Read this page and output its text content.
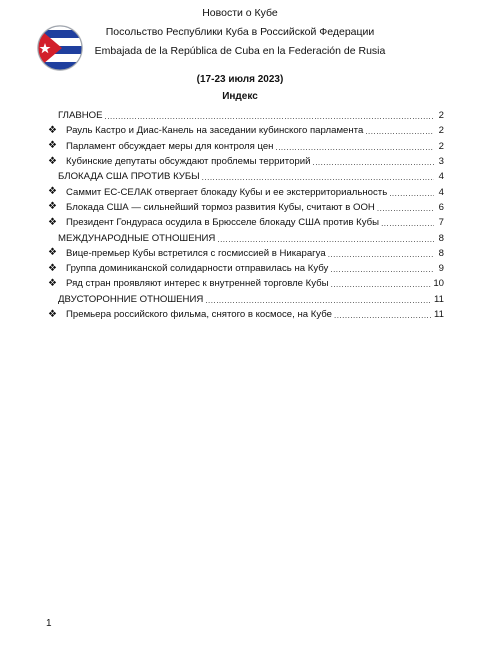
Новости о Кубе
Посольство Республики Куба в Российской Федерации
Embajada de la República de Cuba en la Federación de Rusia
(17-23 июля 2023)
Индекс
ГЛАВНОЕ .....	2
❖ Рауль Кастро и Диас-Канель на заседании кубинского парламента .....	2
❖ Парламент обсуждает меры для контроля цен .....	2
❖ Кубинские депутаты обсуждают проблемы территорий .....	3
БЛОКАДА США ПРОТИВ КУБЫ .....	4
❖ Саммит ЕС-СЕЛАК отвергает блокаду Кубы и ее экстерриториальность .....	4
❖ Блокада США — сильнейший тормоз развития Кубы, считают в ООН .....	6
❖ Президент Гондураса осудила в Брюсселе блокаду США против Кубы .....	7
МЕЖДУНАРОДНЫЕ ОТНОШЕНИЯ .....	8
❖ Вице-премьер Кубы встретился с госмиссией в Никарагуа .....	8
❖ Группа доминиканской солидарности отправилась на Кубу .....	9
❖ Ряд стран проявляют интерес к внутренней торговле Кубы .....	10
ДВУСТОРОННИЕ ОТНОШЕНИЯ .....	11
❖ Премьера российского фильма, снятого в космосе, на Кубе .....	11
1
